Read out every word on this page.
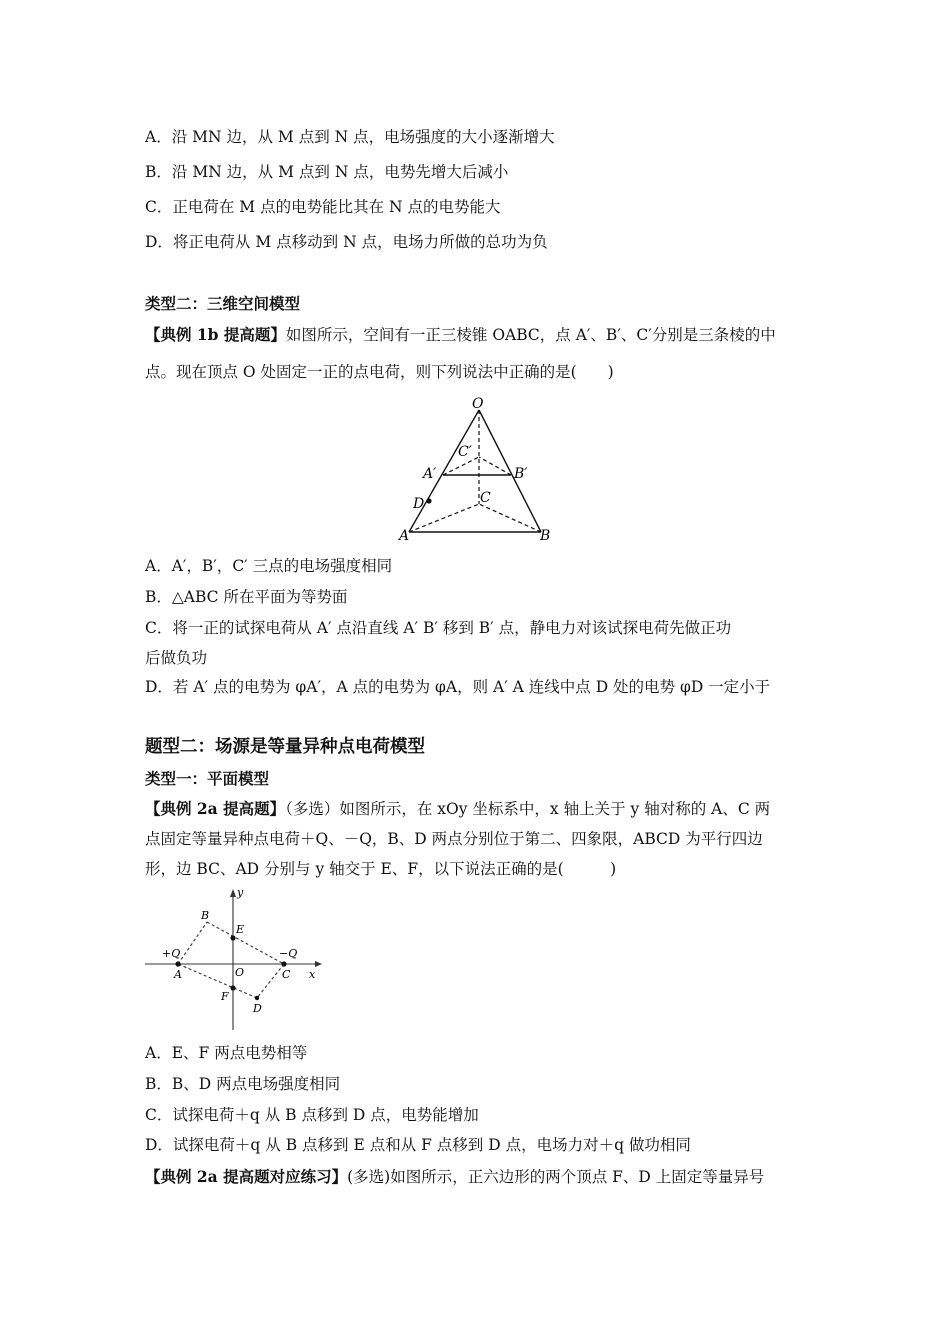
A．沿 MN 边，从 M 点到 N 点，电场强度的大小逐渐增大
B．沿 MN 边，从 M 点到 N 点，电势先增大后减小
C．正电荷在 M 点的电势能比其在 N 点的电势能大
D．将正电荷从 M 点移动到 N 点，电场力所做的总功为负
类型二：三维空间模型
【典例 1b 提高题】如图所示，空间有一正三棱锥 OABC，点 A′、B′、C′分别是三条棱的中
点。现在顶点 O 处固定一正的点电荷，则下列说法中正确的是(　　)
O
C′
A′	B′
D	C
A	B
A．A′，B′，C′ 三点的电场强度相同
B．△ABC 所在平面为等势面
C．将一正的试探电荷从 A′ 点沿直线 A′ B′ 移到 B′ 点，静电力对该试探电荷先做正功
后做负功
D．若 A′ 点的电势为 φA′，A 点的电势为 φA，则 A′ A 连线中点 D 处的电势 φD 一定小于
题型二：场源是等量异种点电荷模型
类型一：平面模型
【典例 2a 提高题】（多选）如图所示，在 xOy 坐标系中，x 轴上关于 y 轴对称的 A、C 两
点固定等量异种点电荷＋Q、－Q，B、D 两点分别位于第二、四象限，ABCD 为平行四边
形，边 BC、AD 分别与 y 轴交于 E、F，以下说法正确的是(　　　)
y
x
B
E
+Q	−Q
A	O	C
F
D
A．E、F 两点电势相等
B．B、D 两点电场强度相同
C．试探电荷＋q 从 B 点移到 D 点，电势能增加
D．试探电荷＋q 从 B 点移到 E 点和从 F 点移到 D 点，电场力对＋q 做功相同
【典例 2a 提高题对应练习】(多选)如图所示，正六边形的两个顶点 F、D 上固定等量异号
